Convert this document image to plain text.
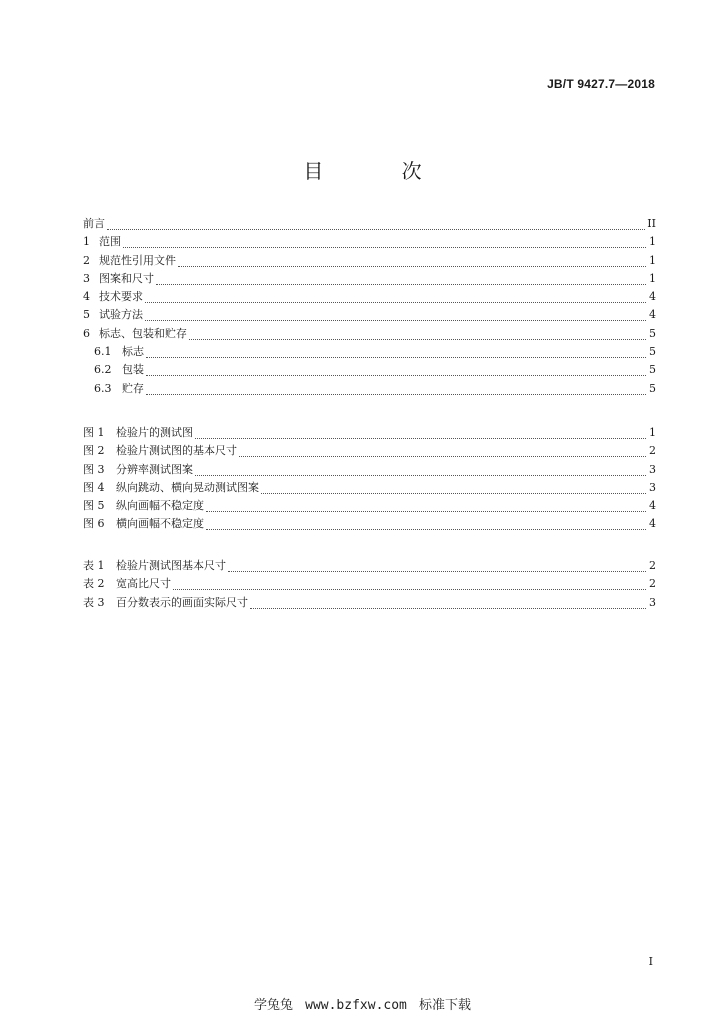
JB/T 9427.7—2018
目 次
前言	II
1 范围	1
2 规范性引用文件	1
3 图案和尺寸	1
4 技术要求	4
5 试验方法	4
6 标志、包装和贮存	5
6.1 标志	5
6.2 包装	5
6.3 贮存	5
图 1	检验片的测试图	1
图 2	检验片测试图的基本尺寸	2
图 3	分辨率测试图案	3
图 4	纵向跳动、横向晃动测试图案	3
图 5	纵向画幅不稳定度	4
图 6	横向画幅不稳定度	4
表 1	检验片测试图基本尺寸	2
表 2	宽高比尺寸	2
表 3	百分数表示的画面实际尺寸	3
I
学兔兔 www.bzfxw.com 标准下载
